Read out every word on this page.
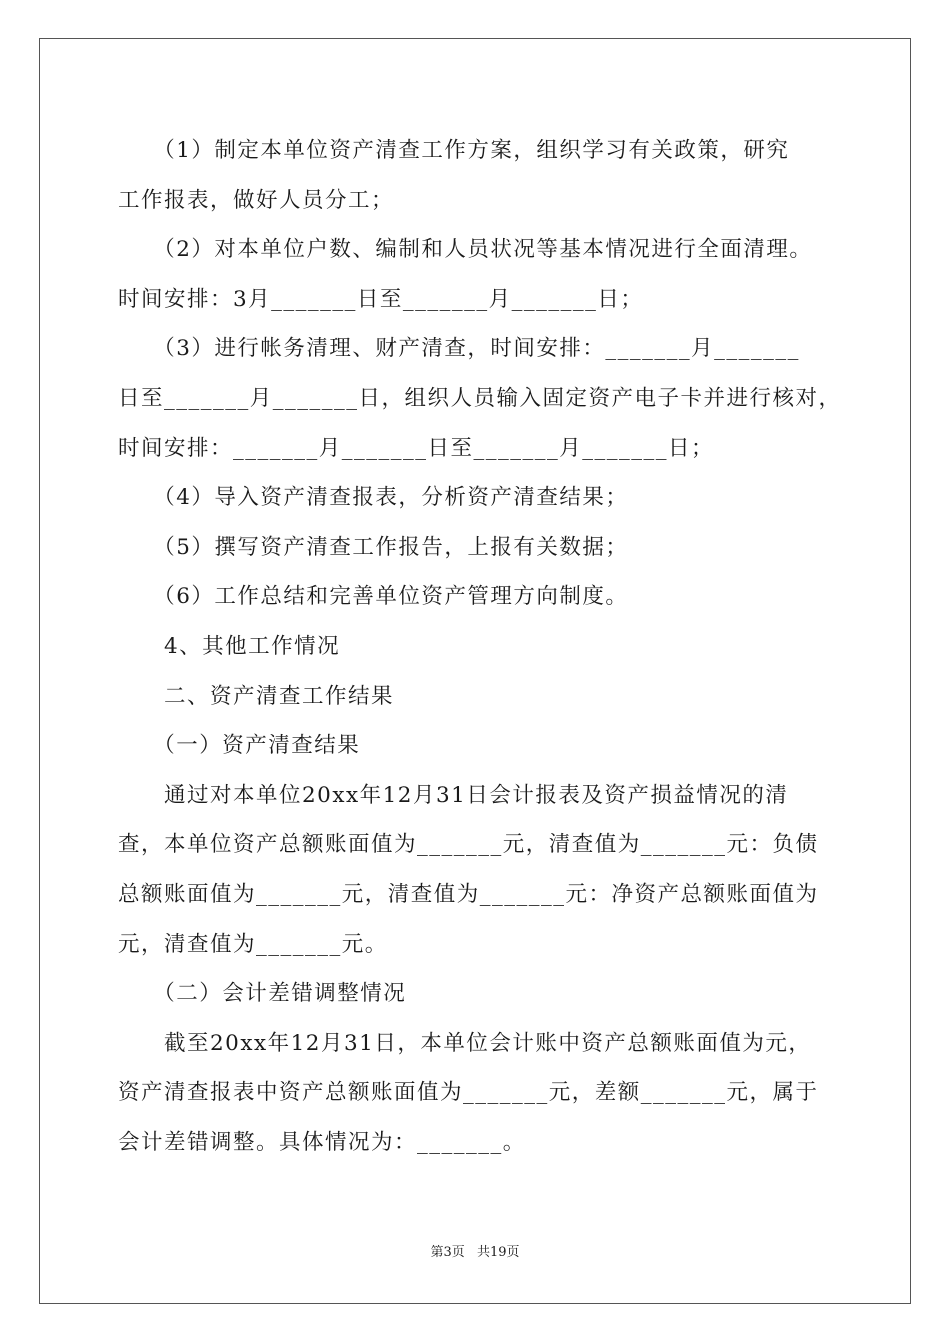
　　（1）制定本单位资产清查工作方案，组织学习有关政策，研究

工作报表，做好人员分工；

　　（2）对本单位户数、编制和人员状况等基本情况进行全面清理。

时间安排：3月_______日至_______月_______日；

　　（3）进行帐务清理、财产清查，时间安排：_______月_______

日至_______月_______日，组织人员输入固定资产电子卡并进行核对，

时间安排：_______月_______日至_______月_______日；

　　（4）导入资产清查报表，分析资产清查结果；

　　（5）撰写资产清查工作报告，上报有关数据；

　　（6）工作总结和完善单位资产管理方向制度。

　　4、其他工作情况

　　二、资产清查工作结果

　　（一）资产清查结果

　　通过对本单位20xx年12月31日会计报表及资产损益情况的清

查，本单位资产总额账面值为_______元，清查值为_______元：负债

总额账面值为_______元，清查值为_______元：净资产总额账面值为

元，清查值为_______元。

　　（二）会计差错调整情况

　　截至20xx年12月31日，本单位会计账中资产总额账面值为元，

资产清查报表中资产总额账面值为_______元，差额_______元，属于

会计差错调整。具体情况为：_______。

第3页 共19页
